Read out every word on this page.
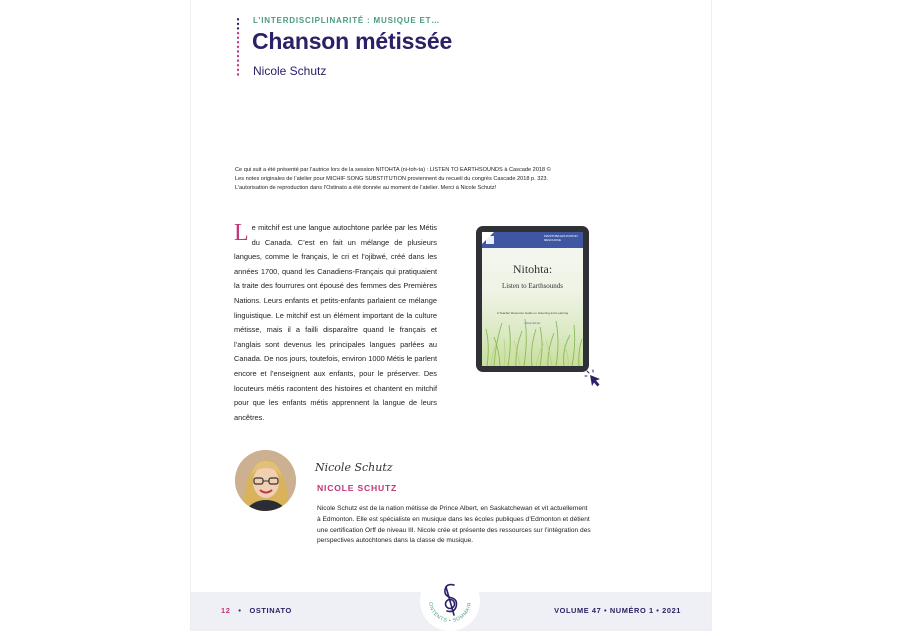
L’INTERDISCIPLINARITÉ : MUSIQUE ET…
Chanson métissée
Nicole Schutz
Ce qui suit a été présenté par l’autrice lors de la session NITOHTA (ni-toh-ta) : LISTEN TO EARTHSOUNDS à Cascade 2018 ©
Les notes originales de l’atelier pour MICHIF SONG SUBSTITUTION proviennent du recueil du congrès Cascade 2018 p. 323.
L’autorisation de reproduction dans l’Ostinato a été donnée au moment de l’atelier. Merci à Nicole Schutz!
Le mitchif est une langue autochtone parlée par les Métis du Canada. C’est en fait un mélange de plusieurs langues, comme le français, le cri et l’ojibwé, créé dans les années 1700, quand les Canadiens-Français qui pratiquaient la traite des fourrures ont épousé des femmes des Premières Nations. Leurs enfants et petits-enfants parlaient ce mélange linguistique. Le mitchif est un élément important de la culture métisse, mais il a failli disparaître quand le français et l’anglais sont devenus les principales langues parlées au Canada. De nos jours, toutefois, environ 1000 Métis le parlent encore et l’enseignent aux enfants, pour le préserver. Des locuteurs métis racontent des histoires et chantent en mitchif pour que les enfants métis apprennent la langue de leurs ancêtres.
MANITOBA EDUCATION RESOURCE
Nitohta:
Listen to Earthsounds
A Teacher Resource Guide on Listening and Learning
Nicole Schutz
Nicole Schutz
NICOLE SCHUTZ
Nicole Schutz est de la nation métisse de Prince Albert, en Saskatchewan et vit actuellement
à Edmonton. Elle est spécialiste en musique dans les écoles publiques d’Edmonton et détient
une certification Orff de niveau III. Nicole crée et présente des ressources sur l’intégration des
perspectives autochtones dans la classe de musique.
12 • OSTINATO	VOLUME 47 • NUMÉRO 1 • 2021
ONTENTS • SOMMAIR
